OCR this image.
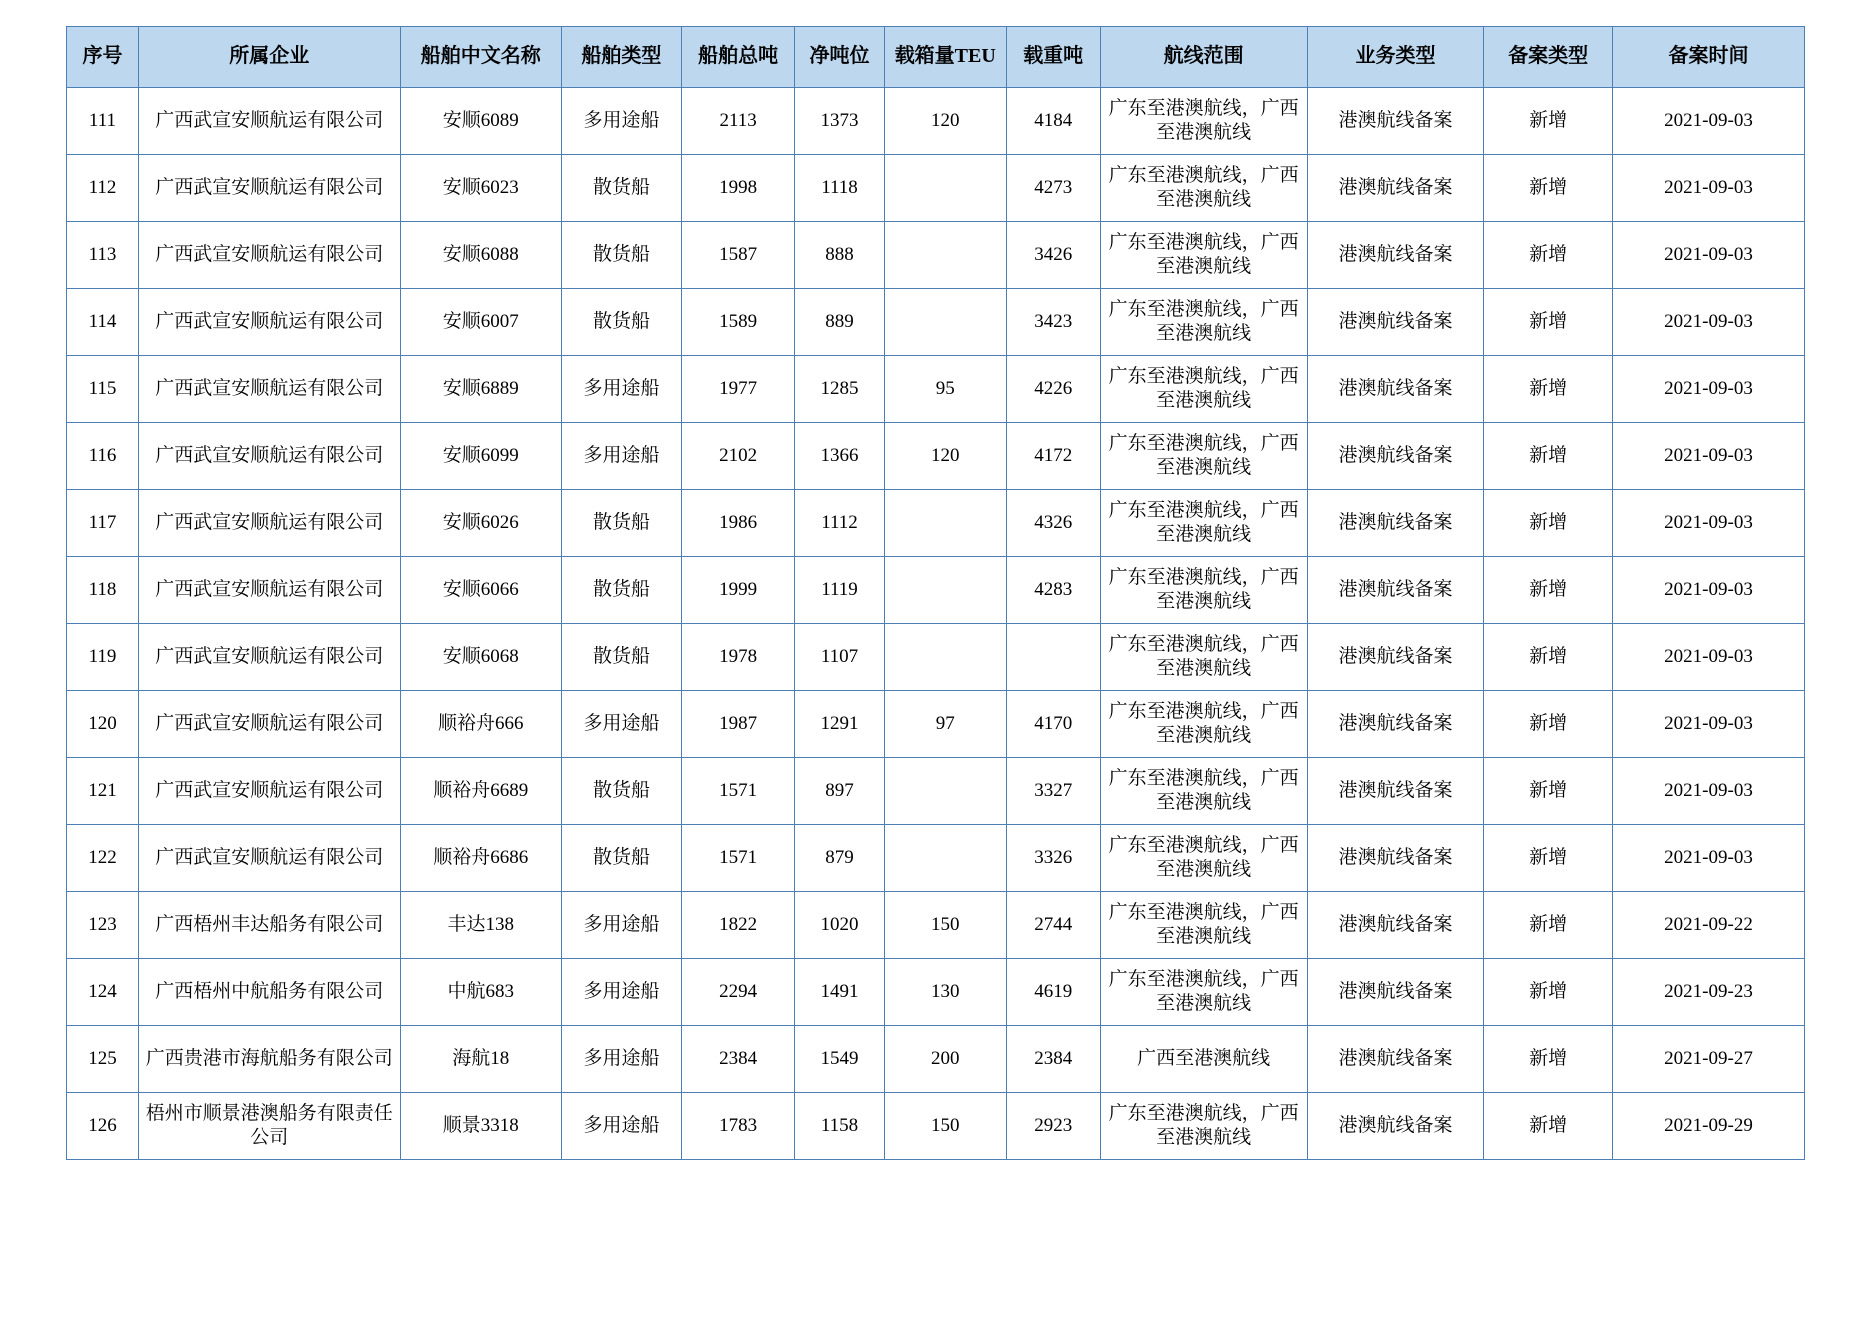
序号	所属企业	船舶中文名称	船舶类型	船舶总吨	净吨位	载箱量TEU	载重吨	航线范围	业务类型	备案类型	备案时间
111	广西武宣安顺航运有限公司	安顺6089	多用途船	2113	1373	120	4184	广东至港澳航线，广西至港澳航线	港澳航线备案	新增	2021-09-03
112	广西武宣安顺航运有限公司	安顺6023	散货船	1998	1118		4273	广东至港澳航线，广西至港澳航线	港澳航线备案	新增	2021-09-03
113	广西武宣安顺航运有限公司	安顺6088	散货船	1587	888		3426	广东至港澳航线，广西至港澳航线	港澳航线备案	新增	2021-09-03
114	广西武宣安顺航运有限公司	安顺6007	散货船	1589	889		3423	广东至港澳航线，广西至港澳航线	港澳航线备案	新增	2021-09-03
115	广西武宣安顺航运有限公司	安顺6889	多用途船	1977	1285	95	4226	广东至港澳航线，广西至港澳航线	港澳航线备案	新增	2021-09-03
116	广西武宣安顺航运有限公司	安顺6099	多用途船	2102	1366	120	4172	广东至港澳航线，广西至港澳航线	港澳航线备案	新增	2021-09-03
117	广西武宣安顺航运有限公司	安顺6026	散货船	1986	1112		4326	广东至港澳航线，广西至港澳航线	港澳航线备案	新增	2021-09-03
118	广西武宣安顺航运有限公司	安顺6066	散货船	1999	1119		4283	广东至港澳航线，广西至港澳航线	港澳航线备案	新增	2021-09-03
119	广西武宣安顺航运有限公司	安顺6068	散货船	1978	1107			广东至港澳航线，广西至港澳航线	港澳航线备案	新增	2021-09-03
120	广西武宣安顺航运有限公司	顺裕舟666	多用途船	1987	1291	97	4170	广东至港澳航线，广西至港澳航线	港澳航线备案	新增	2021-09-03
121	广西武宣安顺航运有限公司	顺裕舟6689	散货船	1571	897		3327	广东至港澳航线，广西至港澳航线	港澳航线备案	新增	2021-09-03
122	广西武宣安顺航运有限公司	顺裕舟6686	散货船	1571	879		3326	广东至港澳航线，广西至港澳航线	港澳航线备案	新增	2021-09-03
123	广西梧州丰达船务有限公司	丰达138	多用途船	1822	1020	150	2744	广东至港澳航线，广西至港澳航线	港澳航线备案	新增	2021-09-22
124	广西梧州中航船务有限公司	中航683	多用途船	2294	1491	130	4619	广东至港澳航线，广西至港澳航线	港澳航线备案	新增	2021-09-23
125	广西贵港市海航船务有限公司	海航18	多用途船	2384	1549	200	2384	广西至港澳航线	港澳航线备案	新增	2021-09-27
126	梧州市顺景港澳船务有限责任公司	顺景3318	多用途船	1783	1158	150	2923	广东至港澳航线，广西至港澳航线	港澳航线备案	新增	2021-09-29
